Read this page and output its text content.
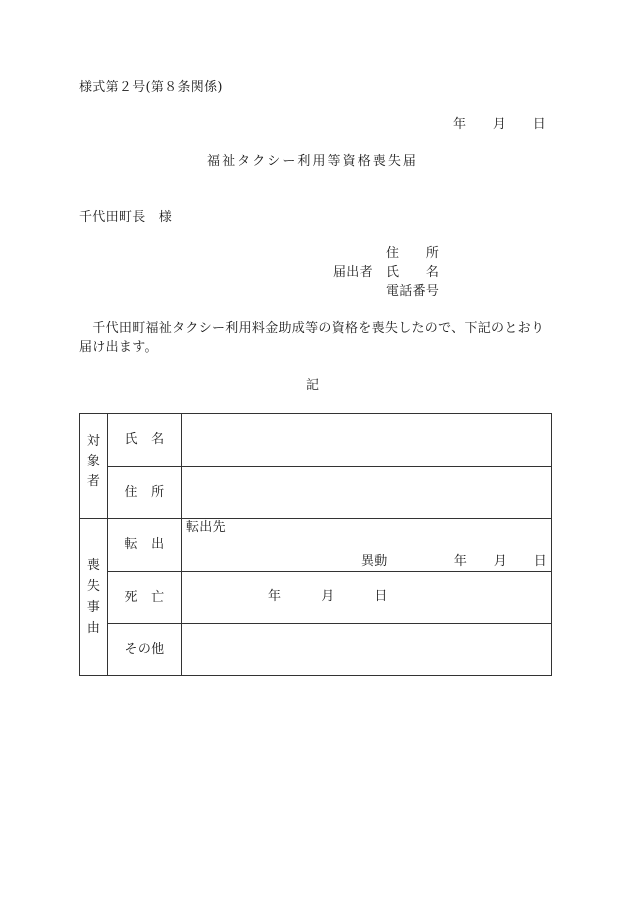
様式第２号(第８条関係)
年　　月　　日
福祉タクシー利用等資格喪失届
千代田町長　様
住　　所
届出者 氏　　名
電話番号
　千代田町福祉タクシー利用料金助成等の資格を喪失したので、下記のとおり
届け出ます。
記
対象者
氏　名
住　所
喪失事由
転　出
転出先
異動	年　　月　　日
死　亡	年　　　月　　　日
その他
